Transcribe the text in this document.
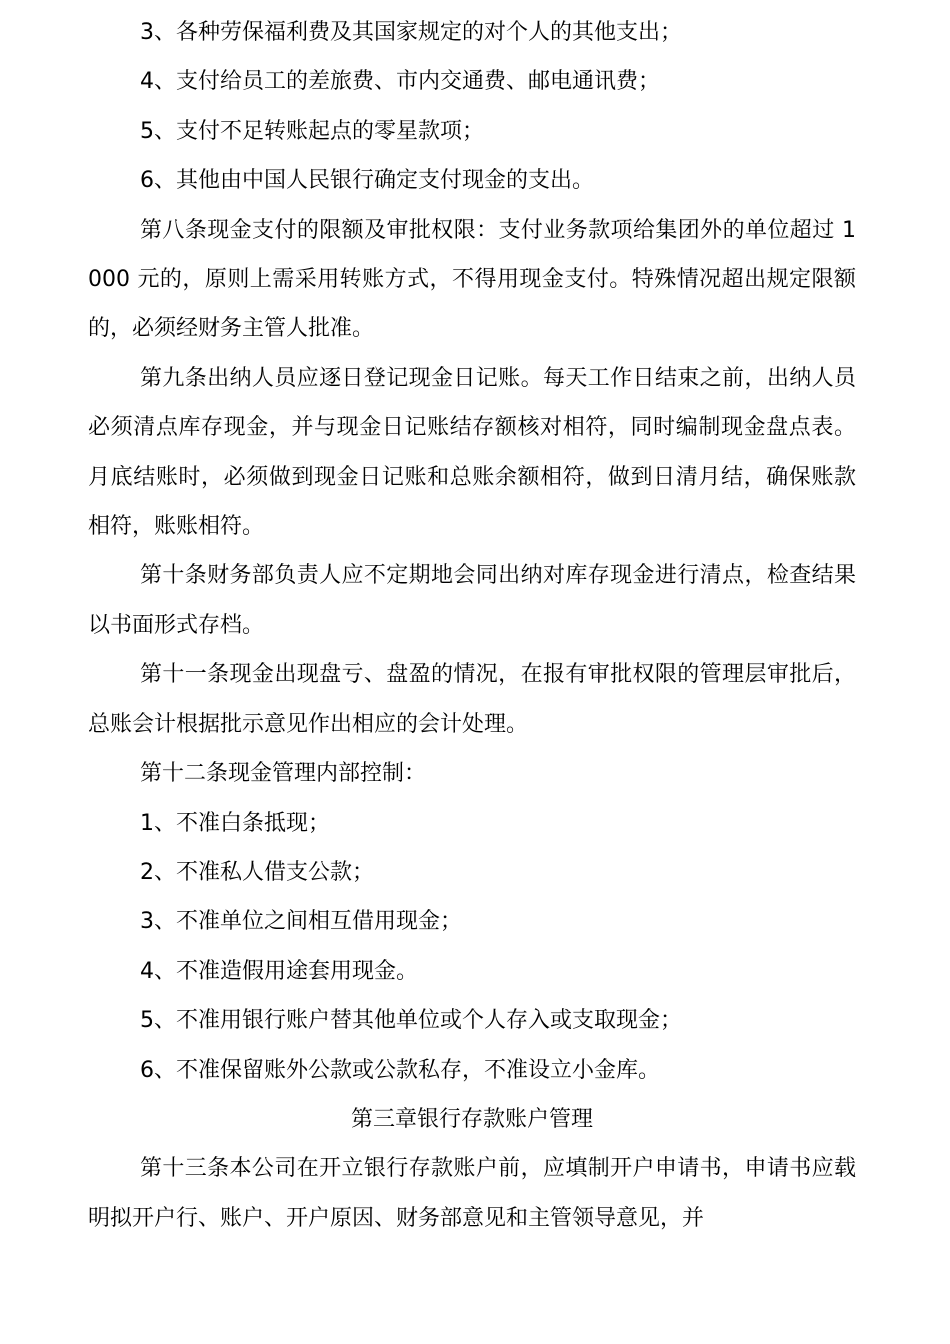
3、各种劳保福利费及其国家规定的对个人的其他支出；

4、支付给员工的差旅费、市内交通费、邮电通讯费；

5、支付不足转账起点的零星款项；

6、其他由中国人民银行确定支付现金的支出。

第八条现金支付的限额及审批权限：支付业务款项给集团外的单位超过 1000 元的，原则上需采用转账方式，不得用现金支付。特殊情况超出规定限额的，必须经财务主管人批准。

第九条出纳人员应逐日登记现金日记账。每天工作日结束之前，出纳人员必须清点库存现金，并与现金日记账结存额核对相符，同时编制现金盘点表。月底结账时，必须做到现金日记账和总账余额相符，做到日清月结，确保账款相符，账账相符。

第十条财务部负责人应不定期地会同出纳对库存现金进行清点，检查结果以书面形式存档。

第十一条现金出现盘亏、盘盈的情况，在报有审批权限的管理层审批后，总账会计根据批示意见作出相应的会计处理。

第十二条现金管理内部控制：

1、不准白条抵现；

2、不准私人借支公款；

3、不准单位之间相互借用现金；

4、不准造假用途套用现金。

5、不准用银行账户替其他单位或个人存入或支取现金；

6、不准保留账外公款或公款私存，不准设立小金库。

第三章银行存款账户管理

第十三条本公司在开立银行存款账户前，应填制开户申请书，申请书应载明拟开户行、账户、开户原因、财务部意见和主管领导意见，并
